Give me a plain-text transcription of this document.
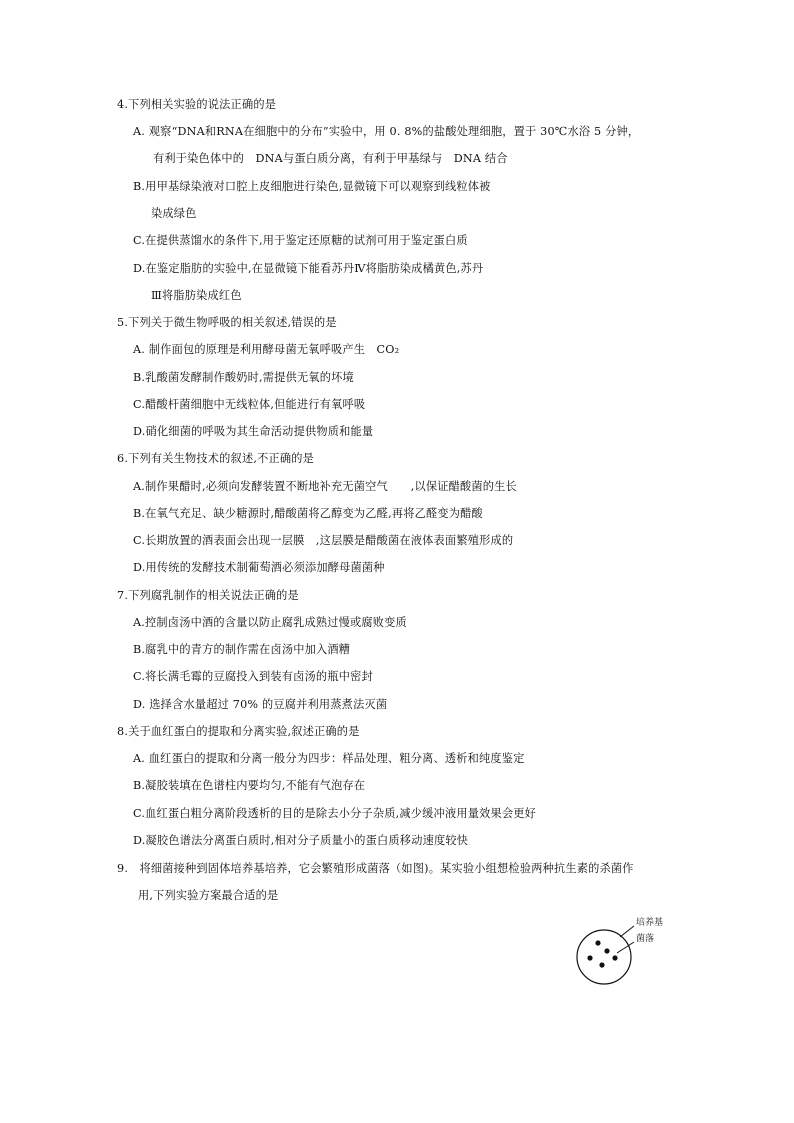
4.下列相关实验的说法正确的是
A. 观察“DNA和RNA在细胞中的分布”实验中，用 0. 8%的盐酸处理细胞，置于 30℃水浴 5 分钟，
有利于染色体中的　DNA与蛋白质分离，有利于甲基绿与　DNA 结合
B.用甲基绿染液对口腔上皮细胞进行染色,显微镜下可以观察到线粒体被
染成绿色
C.在提供蒸馏水的条件下,用于鉴定还原糖的试剂可用于鉴定蛋白质
D.在鉴定脂肪的实验中,在显微镜下能看苏丹Ⅳ将脂肪染成橘黄色,苏丹
Ⅲ将脂肪染成红色
5.下列关于微生物呼吸的相关叙述,错误的是
A. 制作面包的原理是利用酵母菌无氧呼吸产生　CO₂
B.乳酸菌发酵制作酸奶时,需提供无氧的坏境
C.醋酸杆菌细胞中无线粒体,但能进行有氧呼吸
D.硝化细菌的呼吸为其生命活动提供物质和能量
6.下列有关生物技术的叙述,不正确的是
A.制作果醋时,必须向发酵装置不断地补充无菌空气　　,以保证醋酸菌的生长
B.在氧气充足、缺少糖源时,醋酸菌将乙醇变为乙醛,再将乙醛变为醋酸
C.长期放置的酒表面会出现一层膜　,这层膜是醋酸菌在液体表面繁殖形成的
D.用传统的发酵技术制葡萄酒必须添加酵母菌菌种
7.下列腐乳制作的相关说法正确的是
A.控制卤汤中酒的含量以防止腐乳成熟过慢或腐败变质
B.腐乳中的青方的制作需在卤汤中加入酒糟
C.将长满毛霉的豆腐投入到装有卤汤的瓶中密封
D. 选择含水量超过 70% 的豆腐并利用蒸煮法灭菌
8.关于血红蛋白的提取和分离实验,叙述正确的是
A. 血红蛋白的提取和分离一般分为四步：样品处理、粗分离、透析和纯度鉴定
B.凝胶装填在色谱柱内要均匀,不能有气泡存在
C.血红蛋白粗分离阶段透析的目的是除去小分子杂质,减少缓冲液用量效果会更好
D.凝胶色谱法分离蛋白质时,相对分子质量小的蛋白质移动速度较快
9.　将细菌接种到固体培养基培养，它会繁殖形成菌落（如图)。某实验小组想检验两种抗生素的杀菌作
用,下列实验方案最合适的是
培养基
菌落
